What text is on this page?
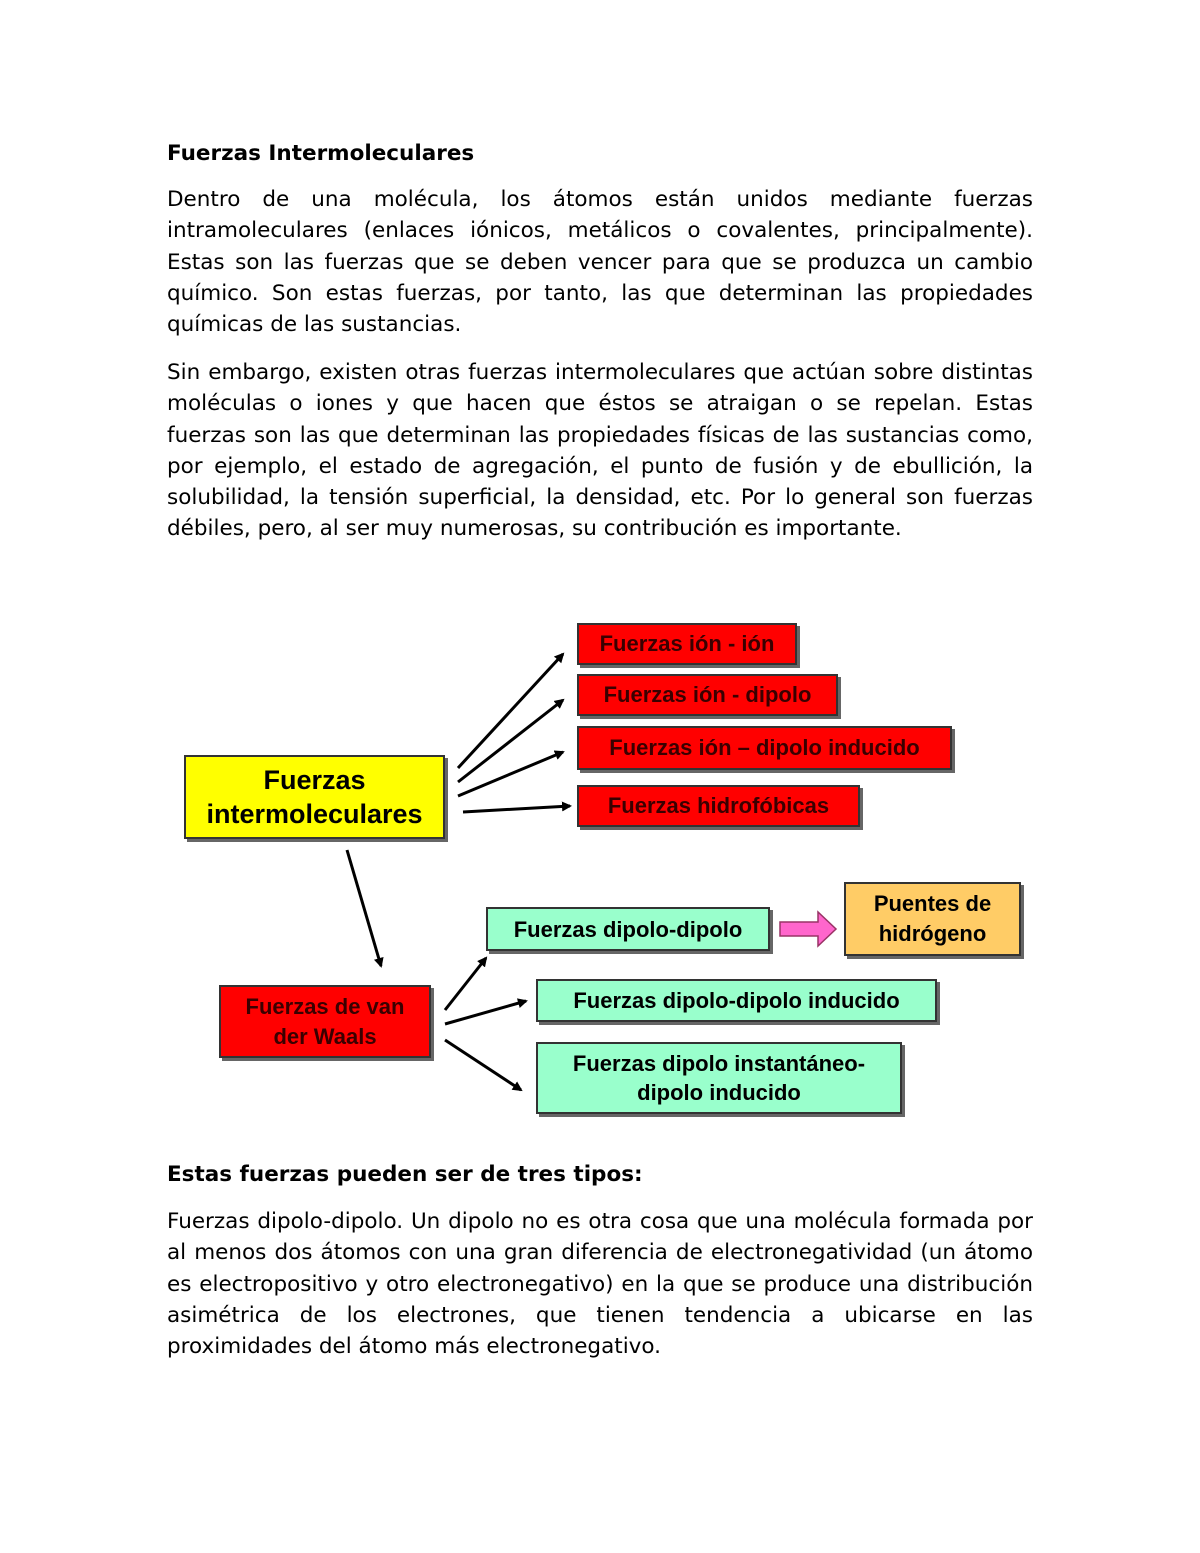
Fuerzas Intermoleculares

Dentro de una molécula, los átomos están unidos mediante fuerzas intramoleculares (enlaces iónicos, metálicos o covalentes, principalmente). Estas son las fuerzas que se deben vencer para que se produzca un cambio químico. Son estas fuerzas, por tanto, las que determinan las propiedades químicas de las sustancias.

Sin embargo, existen otras fuerzas intermoleculares que actúan sobre distintas moléculas o iones y que hacen que éstos se atraigan o se repelan. Estas fuerzas son las que determinan las propiedades físicas de las sustancias como, por ejemplo, el estado de agregación, el punto de fusión y de ebullición, la solubilidad, la tensión superficial, la densidad, etc. Por lo general son fuerzas débiles, pero, al ser muy numerosas, su contribución es importante.

Fuerzas intermoleculares
Fuerzas ión - ión
Fuerzas ión - dipolo
Fuerzas ión – dipolo inducido
Fuerzas hidrofóbicas
Fuerzas de van der Waals
Fuerzas dipolo-dipolo
Puentes de hidrógeno
Fuerzas dipolo-dipolo inducido
Fuerzas dipolo instantáneo-dipolo inducido
Estas fuerzas pueden ser de tres tipos:

Fuerzas dipolo-dipolo. Un dipolo no es otra cosa que una molécula formada por al menos dos átomos con una gran diferencia de electronegatividad (un átomo es electropositivo y otro electronegativo) en la que se produce una distribución asimétrica de los electrones, que tienen tendencia a ubicarse en las proximidades del átomo más electronegativo.
